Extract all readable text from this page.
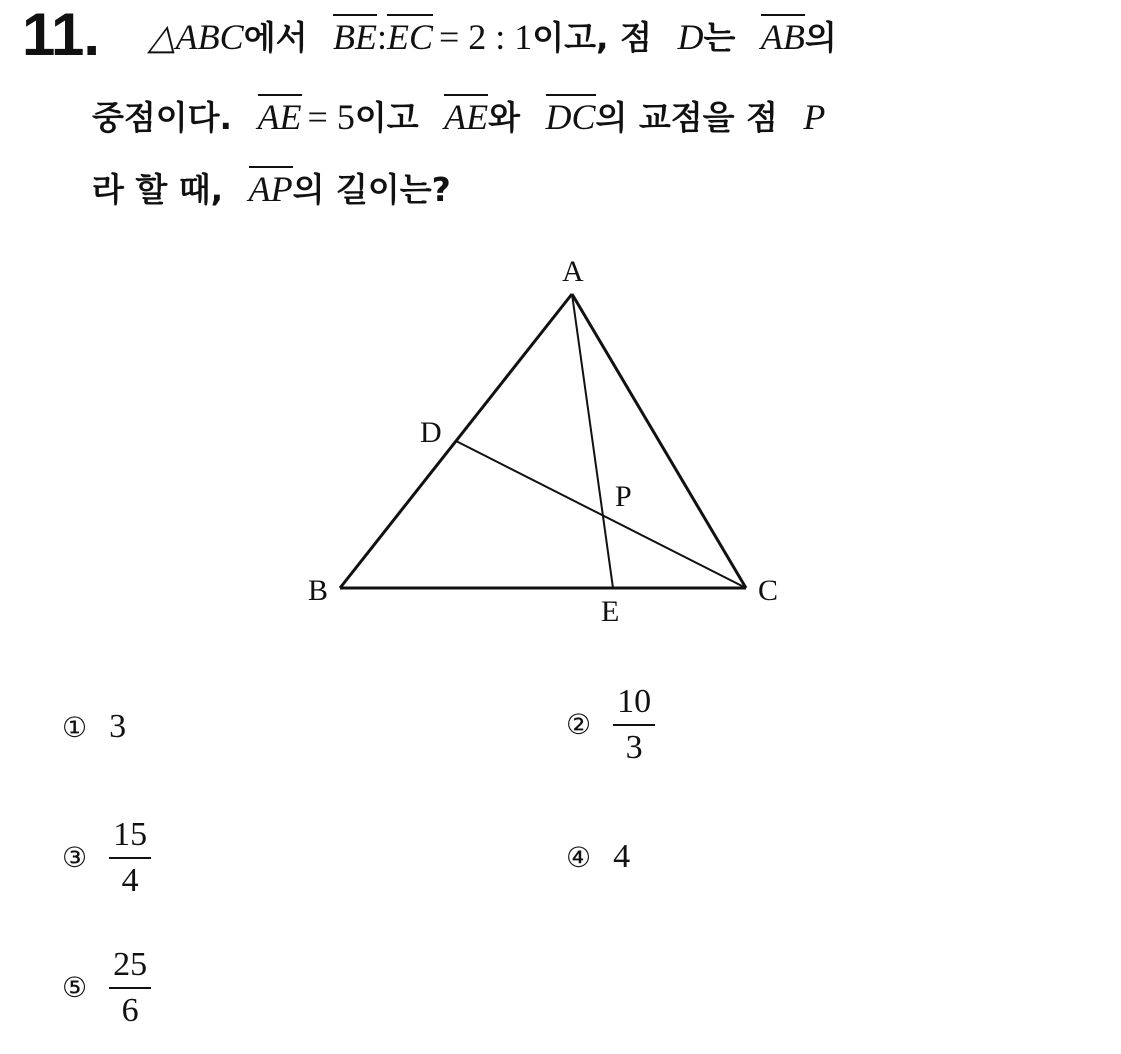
11. △ABC에서 BE:EC = 2 : 1이고, 점 D는 AB의
중점이다. AE = 5이고 AE와 DC의 교점을 점 P
라 할 때, AP의 길이는?
A
B	C
D
E
P
① 3	② $\frac{10}{3}$
③ $\frac{15}{4}$	④ 4
⑤ $\frac{25}{6}$
